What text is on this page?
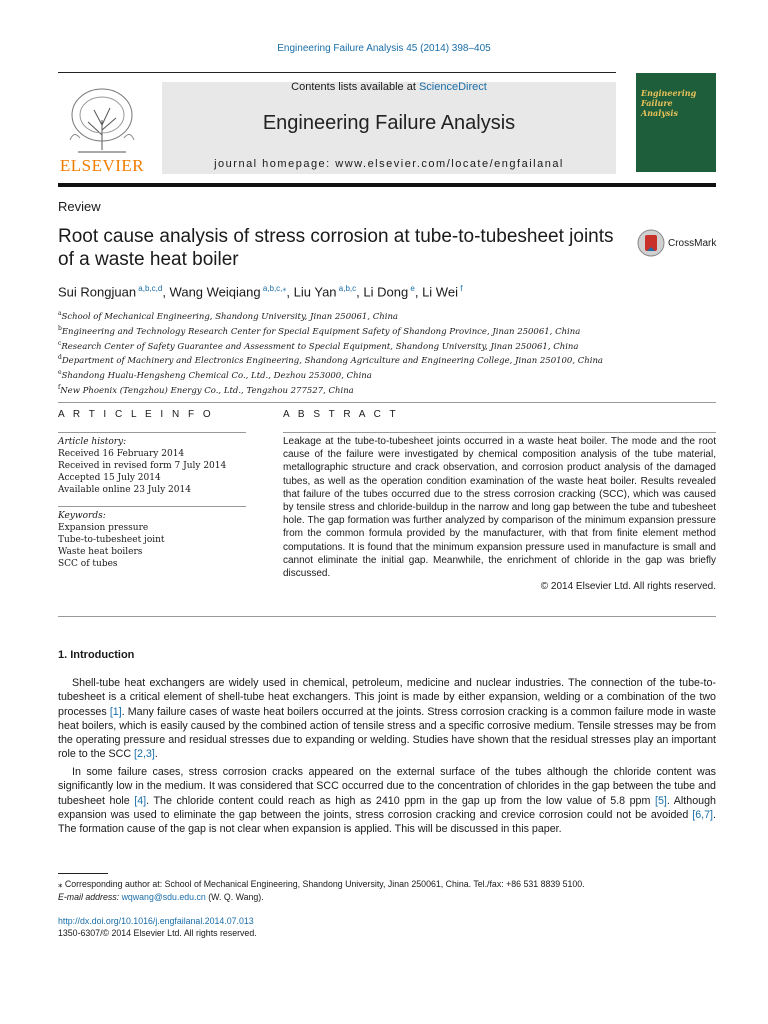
Engineering Failure Analysis 45 (2014) 398–405
ELSEVIER
Contents lists available at ScienceDirect
Engineering Failure Analysis
journal homepage: www.elsevier.com/locate/engfailanal
Engineering Failure Analysis
Review
Root cause analysis of stress corrosion at tube-to-tubesheet joints of a waste heat boiler
CrossMark
Sui Rongjuan $^{a,b,c,d}$, Wang Weiqiang $^{a,b,c,⁎}$, Liu Yan $^{a,b,c}$, Li Dong $^e$, Li Wei $^f$
$^a$School of Mechanical Engineering, Shandong University, Jinan 250061, China
$^b$Engineering and Technology Research Center for Special Equipment Safety of Shandong Province, Jinan 250061, China
$^c$Research Center of Safety Guarantee and Assessment to Special Equipment, Shandong University, Jinan 250061, China
$^d$Department of Machinery and Electronics Engineering, Shandong Agriculture and Engineering College, Jinan 250100, China
$^e$Shandong Hualu-Hengsheng Chemical Co., Ltd., Dezhou 253000, China
$^f$New Phoenix (Tengzhou) Energy Co., Ltd., Tengzhou 277527, China
A R T I C L E I N F O
Article history:
Received 16 February 2014
Received in revised form 7 July 2014
Accepted 15 July 2014
Available online 23 July 2014
Keywords:
Expansion pressure
Tube-to-tubesheet joint
Waste heat boilers
SCC of tubes
A B S T R A C T
Leakage at the tube-to-tubesheet joints occurred in a waste heat boiler. The mode and the root cause of the failure were investigated by chemical composition analysis of the tube material, metallographic structure and crack observation, and corrosion product analysis of the damaged tubes, as well as the operation condition examination of the waste heat boiler. Results revealed that failure of the tubes occurred due to the stress corrosion cracking (SCC), which was caused by tensile stress and chloride-buildup in the narrow and long gap between the tube and tubesheet hole. The gap formation was further analyzed by comparison of the minimum expansion pressure from the common formula provided by the manufacturer, with that from finite element method computations. It is found that the minimum expansion pressure used in manufacture is small and cannot eliminate the initial gap. Meanwhile, the enrichment of chloride in the gap was briefly discussed.
© 2014 Elsevier Ltd. All rights reserved.
1. Introduction
Shell-tube heat exchangers are widely used in chemical, petroleum, medicine and nuclear industries. The connection of the tube-to-tubesheet is a critical element of shell-tube heat exchangers. This joint is made by either expansion, welding or a combination of the two processes [1]. Many failure cases of waste heat boilers occurred at the joints. Stress corrosion cracking is a common failure mode in waste heat boilers, which is easily caused by the combined action of tensile stress and a specific corrosive medium. Tensile stresses may be from the operating pressure and residual stresses due to expanding or welding. Studies have shown that the residual stresses play an important role to the SCC [2,3].
In some failure cases, stress corrosion cracks appeared on the external surface of the tubes although the chloride content was significantly low in the medium. It was considered that SCC occurred due to the concentration of chlorides in the gap between the tube and tubesheet hole [4]. The chloride content could reach as high as 2410 ppm in the gap up from the low value of 5.8 ppm [5]. Although expansion was used to eliminate the gap between the joints, stress corrosion cracking and crevice corrosion could not be avoided [6,7]. The formation cause of the gap is not clear when expansion is applied. This will be discussed in this paper.
⁎ Corresponding author at: School of Mechanical Engineering, Shandong University, Jinan 250061, China. Tel./fax: +86 531 8839 5100.
E-mail address: wqwang@sdu.edu.cn (W. Q. Wang).
http://dx.doi.org/10.1016/j.engfailanal.2014.07.013
1350-6307/© 2014 Elsevier Ltd. All rights reserved.
